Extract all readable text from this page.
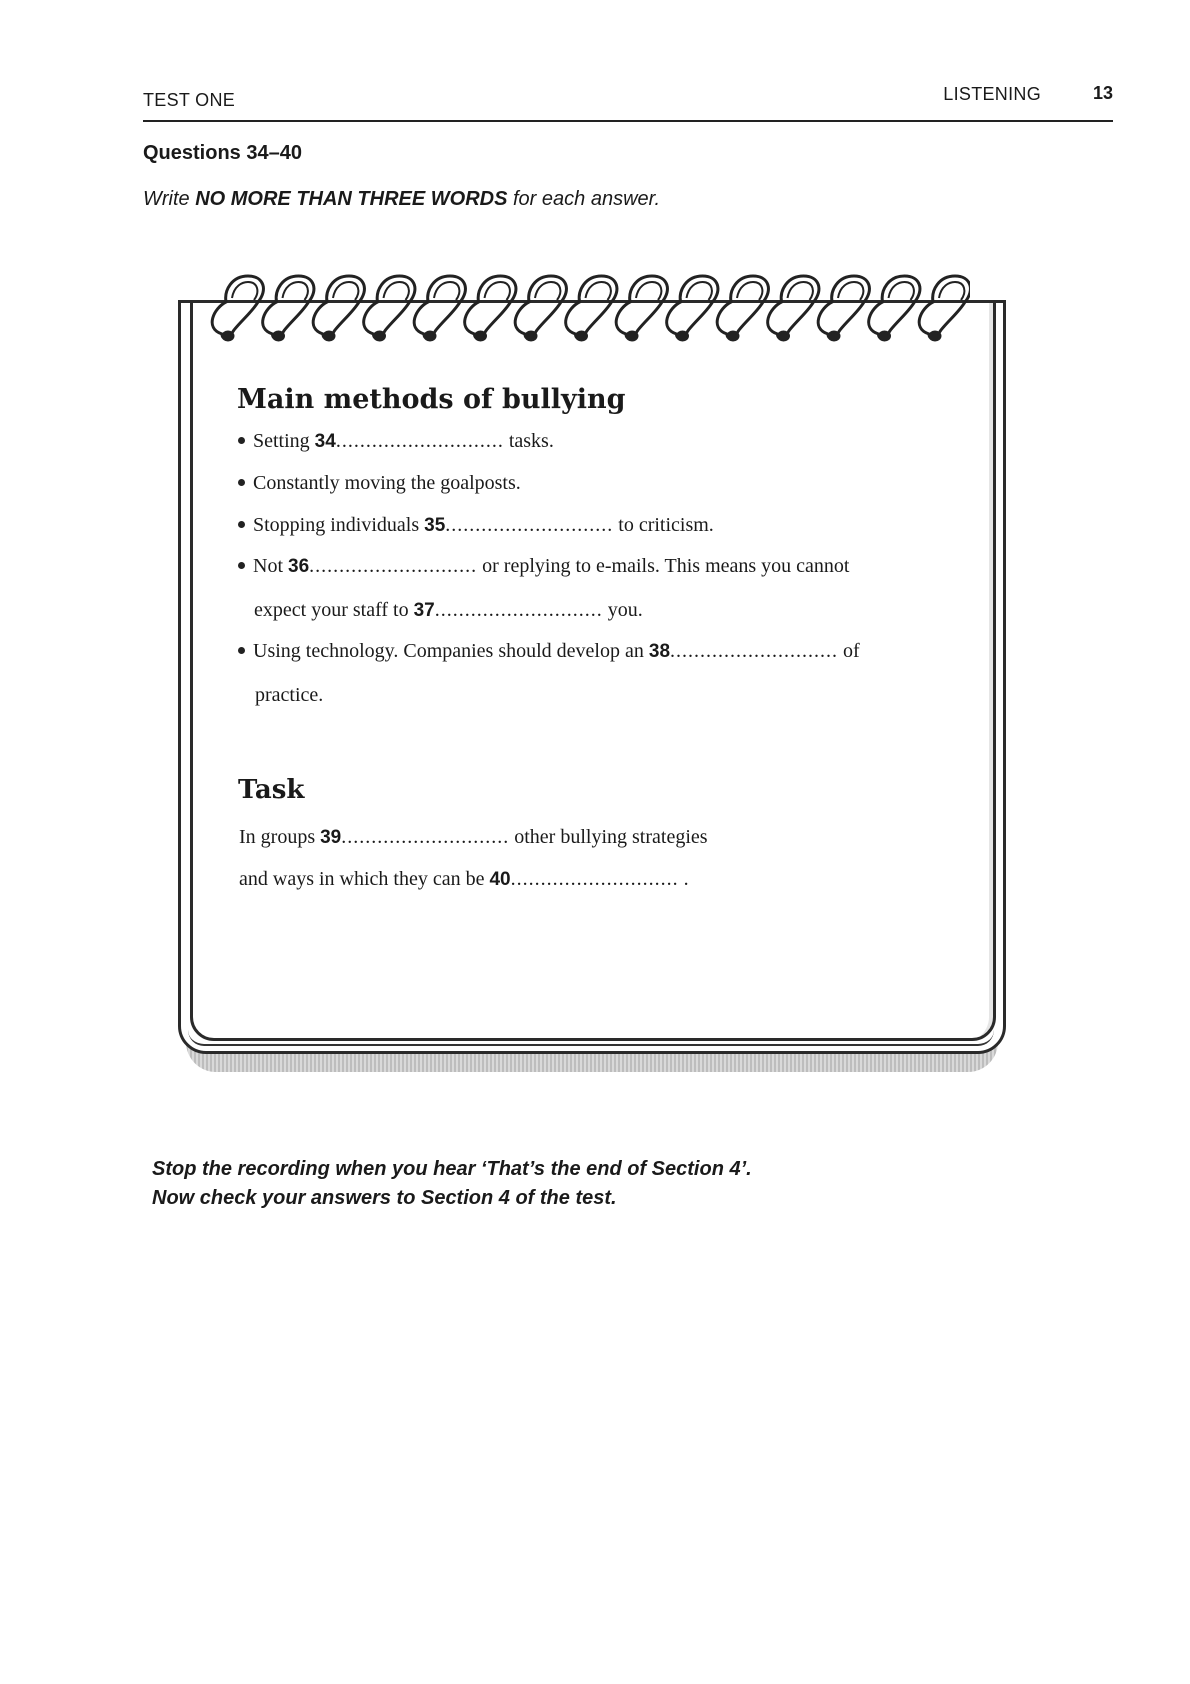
TEST ONE	LISTENING	13
Questions 34–40
Write NO MORE THAN THREE WORDS for each answer.
Main methods of bullying
Setting 34............................ tasks.
Constantly moving the goalposts.
Stopping individuals 35............................ to criticism.
Not 36............................ or replying to e-mails. This means you cannot
expect your staff to 37............................ you.
Using technology. Companies should develop an 38............................ of
practice.
Task
In groups 39............................ other bullying strategies
and ways in which they can be 40............................ .
Stop the recording when you hear ‘That’s the end of Section 4’.
Now check your answers to Section 4 of the test.
